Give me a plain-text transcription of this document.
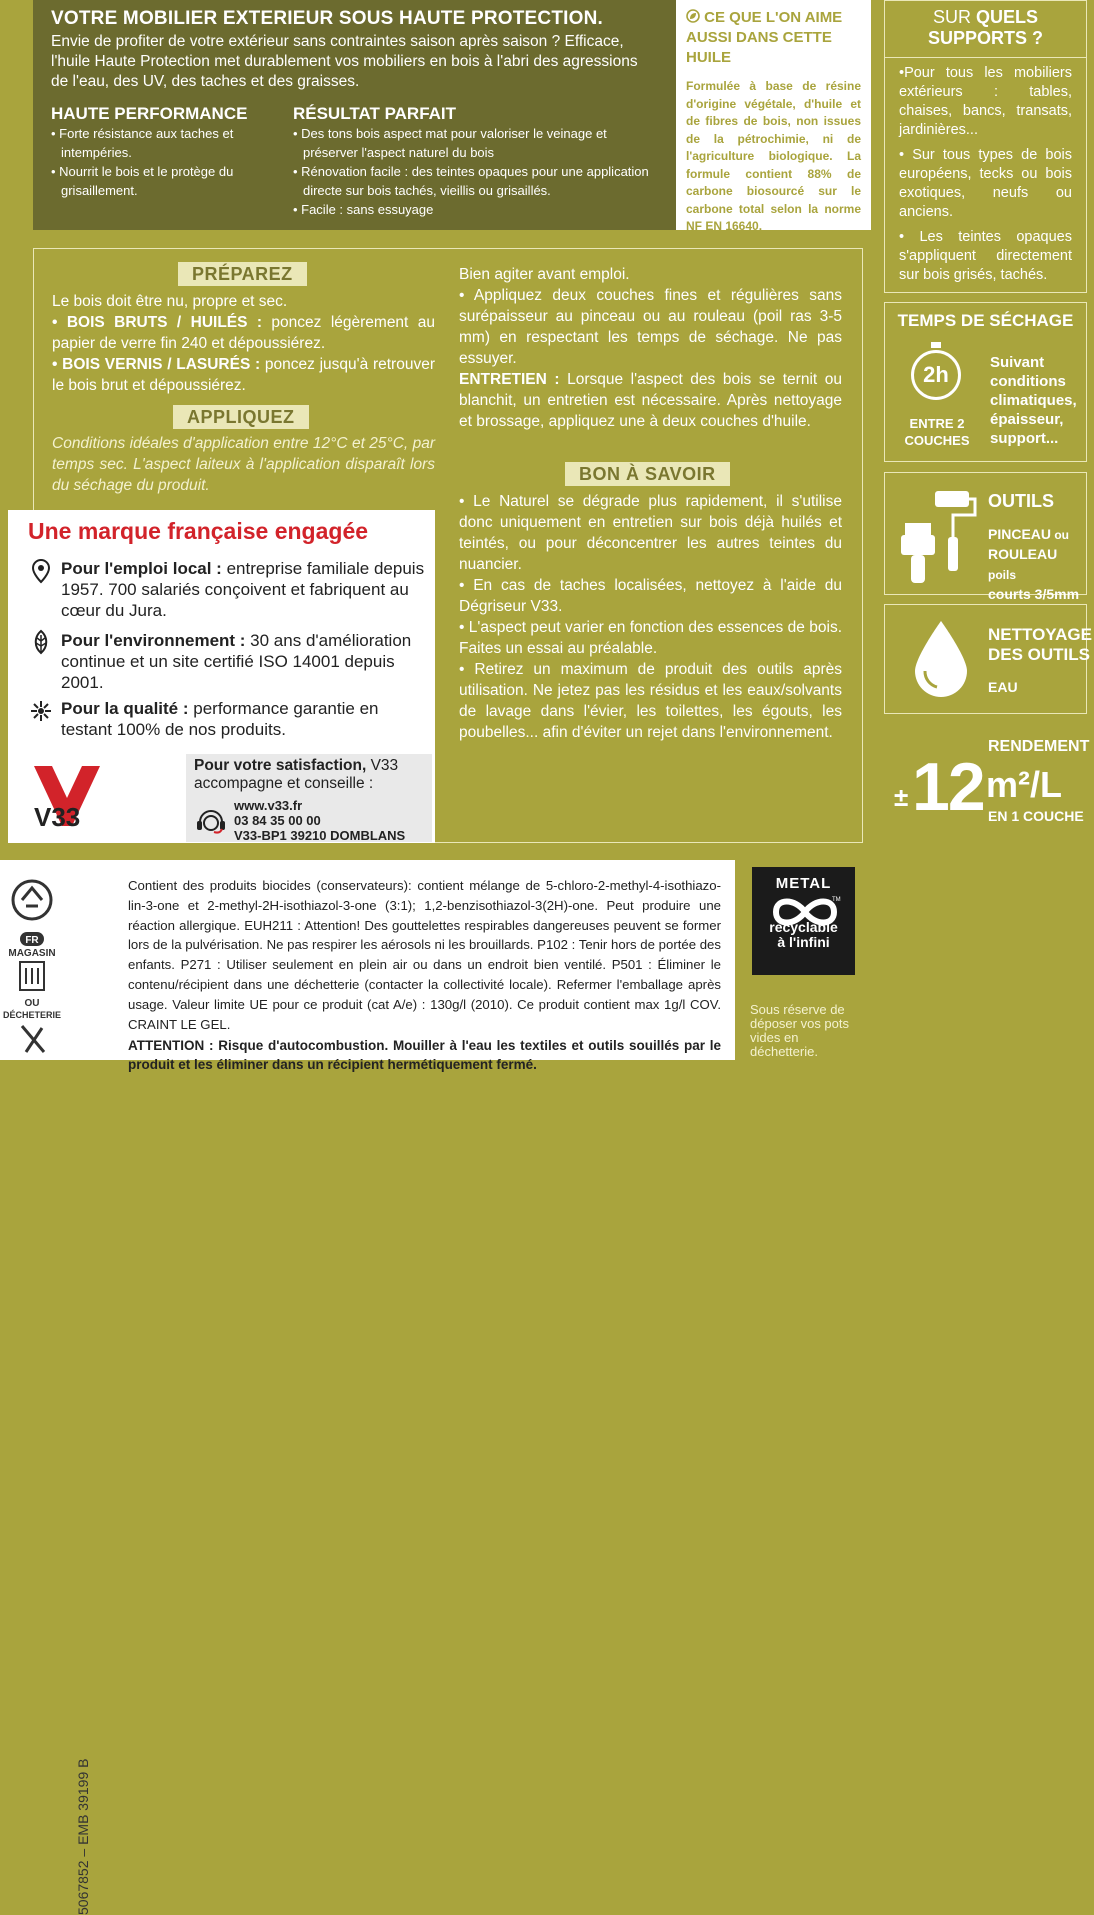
VOTRE MOBILIER EXTERIEUR SOUS HAUTE PROTECTION.
Envie de profiter de votre extérieur sans contraintes saison après saison ? Efficace, l'huile Haute Protection met durablement vos mobiliers en bois à l'abri des agressions de l'eau, des UV, des taches et des graisses.
HAUTE PERFORMANCE
• Forte résistance aux taches et intempéries.
• Nourrit le bois et le protège du grisaillement.
RÉSULTAT PARFAIT
• Des tons bois aspect mat pour valoriser le veinage et préserver l'aspect naturel du bois
• Rénovation facile : des teintes opaques pour une application directe sur bois tachés, vieillis ou grisaillés.
• Facile : sans essuyage
CE QUE L'ON AIME AUSSI DANS CETTE HUILE
Formulée à base de résine d'origine végétale, d'huile et de fibres de bois, non issues de la pétrochimie, ni de l'agriculture biologique. La formule contient 88% de carbone biosourcé sur le carbone total selon la norme NF EN 16640.
SUR QUELS SUPPORTS ?
•Pour tous les mobiliers extérieurs : tables, chaises, bancs, transats, jardinières...
• Sur tous types de bois européens, tecks ou bois exotiques, neufs ou anciens.
• Les teintes opaques s'appliquent directement sur bois grisés, tachés.
TEMPS DE SÉCHAGE
2h
ENTRE 2 COUCHES
Suivant
conditions
climatiques,
épaisseur,
support...
OUTILS
PINCEAU ou
ROULEAU poils
courts 3/5mm
NETTOYAGE
DES OUTILS
EAU
RENDEMENT
± 12 m²/L
EN 1 COUCHE
PRÉPAREZ
Le bois doit être nu, propre et sec.
• BOIS BRUTS / HUILÉS : poncez légèrement au papier de verre fin 240 et dépoussiérez.
• BOIS VERNIS / LASURÉS : poncez jusqu'à retrouver le bois brut et dépoussiérez.
APPLIQUEZ
Conditions idéales d'application entre 12°C et 25°C, par temps sec. L'aspect laiteux à l'application disparaît lors du séchage du produit.
Bien agiter avant emploi.
• Appliquez deux couches fines et régulières sans surépaisseur au pinceau ou au rouleau (poil ras 3-5 mm) en respectant les temps de séchage. Ne pas essuyer.
ENTRETIEN : Lorsque l'aspect des bois se ternit ou blanchit, un entretien est nécessaire. Après nettoyage et brossage, appliquez une à deux couches d'huile.
BON À SAVOIR
• Le Naturel se dégrade plus rapidement, il s'utilise donc uniquement en entretien sur bois déjà huilés et teintés, ou pour déconcentrer les autres teintes du nuancier.
• En cas de taches localisées, nettoyez à l'aide du Dégriseur V33.
• L'aspect peut varier en fonction des essences de bois. Faites un essai au préalable.
• Retirez un maximum de produit des outils après utilisation. Ne jetez pas les résidus et les eaux/solvants de lavage dans l'évier, les toilettes, les égouts, les poubelles... afin d'éviter un rejet dans l'environnement.
Une marque française engagée
Pour l'emploi local : entreprise familiale depuis 1957. 700 salariés conçoivent et fabriquent au cœur du Jura.
Pour l'environnement : 30 ans d'amélioration continue et un site certifié ISO 14001 depuis 2001.
Pour la qualité : performance garantie en testant 100% de nos produits.
V33
Pour votre satisfaction, V33 accompagne et conseille :
www.v33.fr
03 84 35 00 00
V33-BP1 39210 DOMBLANS
FR
MAGASIN
OU
DÉCHETERIE
5067852 – EMB 39199 B
Contient des produits biocides (conservateurs): contient mélange de 5-chloro-2-methyl-4-isothiazo-lin-3-one et 2-methyl-2H-isothiazol-3-one (3:1); 1,2-benzisothiazol-3(2H)-one. Peut produire une réaction allergique. EUH211 : Attention! Des gouttelettes respirables dangereuses peuvent se former lors de la pulvérisation. Ne pas respirer les aérosols ni les brouillards. P102 : Tenir hors de portée des enfants. P271 : Utiliser seulement en plein air ou dans un endroit bien ventilé. P501 : Éliminer le contenu/récipient dans une déchetterie (contacter la collectivité locale). Refermer l'emballage après usage. Valeur limite UE pour ce produit (cat A/e) : 130g/l (2010). Ce produit contient max 1g/l COV. CRAINT LE GEL.
ATTENTION : Risque d'autocombustion. Mouiller à l'eau les textiles et outils souillés par le produit et les éliminer dans un récipient hermétiquement fermé.
METAL
TM
recyclable
à l'infini
Sous réserve de déposer vos pots vides en déchetterie.
